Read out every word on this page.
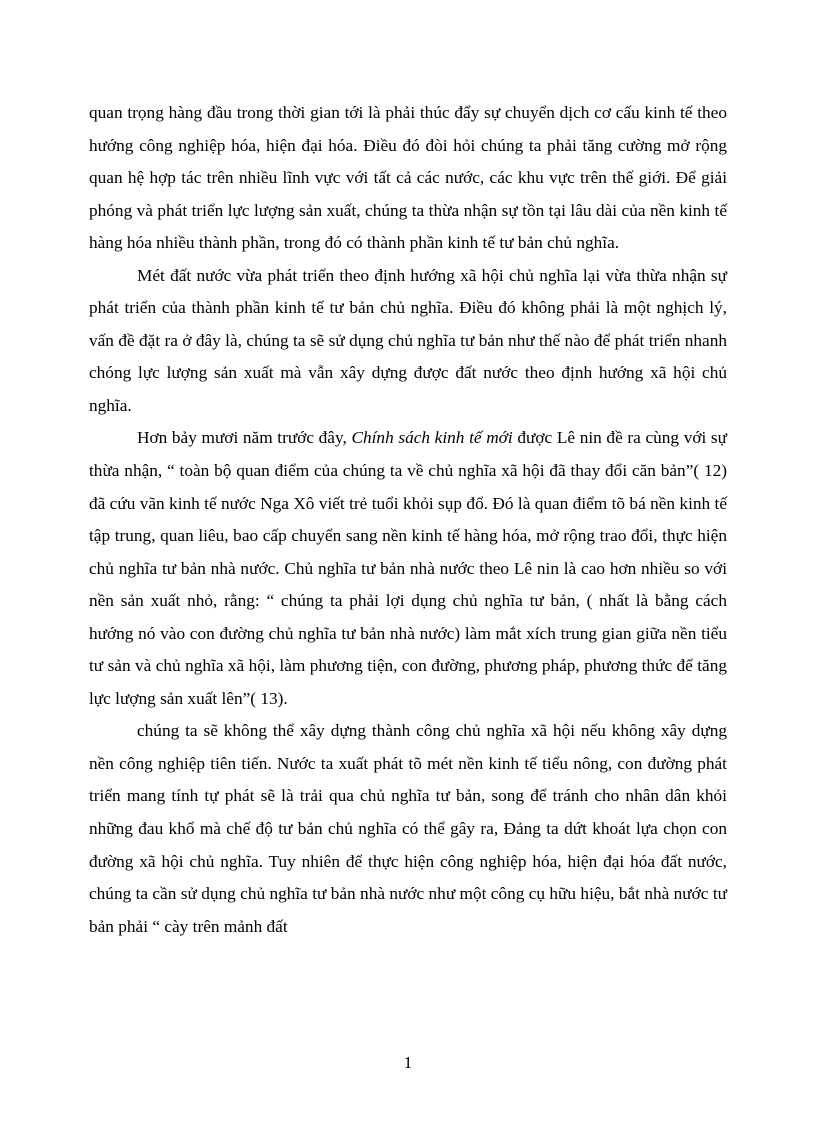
quan trọng hàng đầu trong thời gian tới là phải thúc đẩy sự chuyển dịch cơ cấu kinh tế theo hướng công nghiệp hóa, hiện đại hóa. Điều đó đòi hỏi chúng ta phải tăng cường mở rộng quan hệ hợp tác trên nhiều lĩnh vực với tất cả các nước, các khu vực trên thế giới. Để giải phóng và phát triển lực lượng sản xuất, chúng ta thừa nhận sự tồn tại lâu dài của nền kinh tế hàng hóa nhiều thành phần, trong đó có thành phần kinh tế tư bản chủ nghĩa.

Mét đất nước vừa phát triển theo định hướng xã hội chủ nghĩa lại vừa thừa nhận sự phát triển của thành phần kinh tế tư bản chủ nghĩa. Điều đó không phải là một nghịch lý, vấn đề đặt ra ở đây là, chúng ta sẽ sử dụng chủ nghĩa tư bản như thế nào để phát triển nhanh chóng lực lượng sản xuất mà vẫn xây dựng được đất nước theo định hướng xã hội chủ nghĩa.

Hơn bảy mươi năm trước đây, Chính sách kinh tế mới được Lê nin đề ra cùng với sự thừa nhận, “ toàn bộ quan điểm của chúng ta về chủ nghĩa xã hội đã thay đổi căn bản”( 12) đã cứu vãn kinh tế nước Nga Xô viết trẻ tuổi khỏi sụp đổ. Đó là quan điểm tõ bá nền kinh tế tập trung, quan liêu, bao cấp chuyển sang nền kinh tế hàng hóa, mở rộng trao đổi, thực hiện chủ nghĩa tư bản nhà nước. Chủ nghĩa tư bản nhà nước theo Lê nin là cao hơn nhiều so với nền sản xuất nhỏ, rằng: “ chúng ta phải lợi dụng chủ nghĩa tư bản, ( nhất là bằng cách hướng nó vào con đường chủ nghĩa tư bản nhà nước) làm mắt xích trung gian giữa nền tiểu tư sản và chủ nghĩa xã hội, làm phương tiện, con đường, phương pháp, phương thức để tăng lực lượng sản xuất lên”( 13).

chúng ta sẽ không thể xây dựng thành công chủ nghĩa xã hội nếu không xây dựng nền công nghiệp tiên tiến. Nước ta xuất phát tõ mét nền kinh tế tiểu nông, con đường phát triển mang tính tự phát sẽ là trải qua chủ nghĩa tư bản, song để tránh cho nhân dân khỏi những đau khổ mà chế độ tư bản chủ nghĩa có thể gây ra, Đảng ta dứt khoát lựa chọn con đường xã hội chủ nghĩa. Tuy nhiên để thực hiện công nghiệp hóa, hiện đại hóa đất nước, chúng ta cần sử dụng chủ nghĩa tư bản nhà nước như một công cụ hữu hiệu, bắt nhà nước tư bản phải “ cày trên mảnh đất

1
